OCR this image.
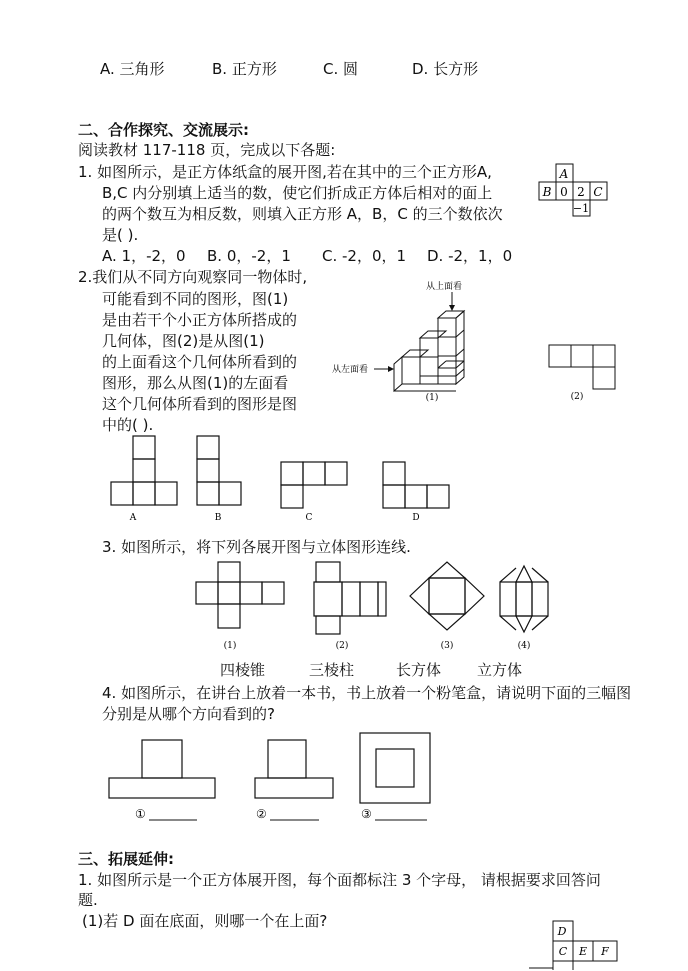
A. 三角形	B. 正方形	C. 圆	D. 长方形
二、合作探究、交流展示:
阅读教材 117-118 页，完成以下各题:
1. 如图所示，是正方体纸盒的展开图,若在其中的三个正方形A,
B,C 内分别填上适当的数，使它们折成正方体后相对的面上
的两个数互为相反数，则填入正方形 A，B，C 的三个数依次
是( ).
A. 1，-2，0 B. 0，-2，1 C. -2，0，1 D. -2，1，0
A
B 0 2 C
−1
2.我们从不同方向观察同一物体时,
可能看到不同的图形，图(1)
是由若干个小正方体所搭成的
几何体，图(2)是从图(1)
的上面看这个几何体所看到的
图形，那么从图(1)的左面看
这个几何体所看到的图形是图
中的( ).
从上面看
从左面看
(1)	(2)
A	B	C	D
3. 如图所示，将下列各展开图与立体图形连线.
(1)	(2)	(3)	(4)
四棱锥	三棱柱	长方体 立方体
4. 如图所示，在讲台上放着一本书，书上放着一个粉笔盒，请说明下面的三幅图
分别是从哪个方向看到的?
①	②	③
三、拓展延伸:
1. 如图所示是一个正方体展开图，每个面都标注 3 个字母， 请根据要求回答问
题.
(1)若 D 面在底面，则哪一个在上面?
D
C E F
